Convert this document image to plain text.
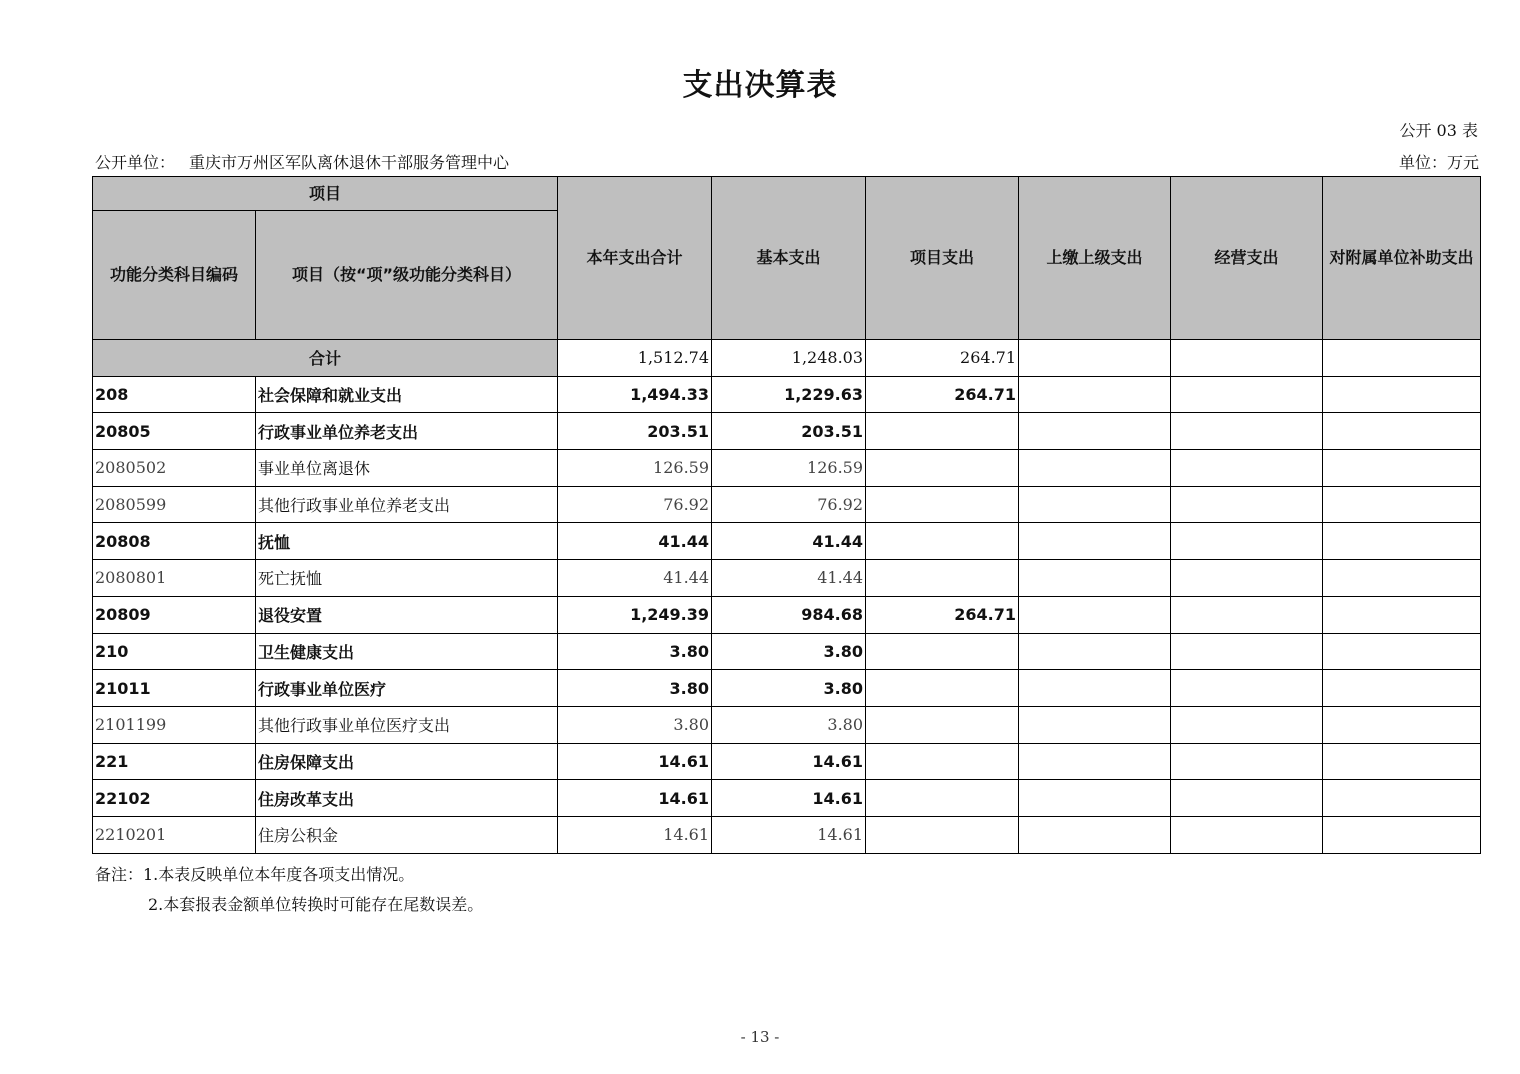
支出决算表
公开 03 表
公开单位： 重庆市万州区军队离休退休干部服务管理中心	单位：万元
项目		本年支出合计	基本支出	项目支出	上缴上级支出	经营支出	对附属单位补助支出
功能分类科目编码	项目（按“项”级功能分类科目）						
合计		1,512.74	1,248.03	264.71			
208	社会保障和就业支出	1,494.33	1,229.63	264.71			
20805	行政事业单位养老支出	203.51	203.51				
2080502	事业单位离退休	126.59	126.59				
2080599	其他行政事业单位养老支出	76.92	76.92				
20808	抚恤	41.44	41.44				
2080801	死亡抚恤	41.44	41.44				
20809	退役安置	1,249.39	984.68	264.71			
210	卫生健康支出	3.80	3.80				
21011	行政事业单位医疗	3.80	3.80				
2101199	其他行政事业单位医疗支出	3.80	3.80				
221	住房保障支出	14.61	14.61				
22102	住房改革支出	14.61	14.61				
2210201	住房公积金	14.61	14.61				
备注：1.本表反映单位本年度各项支出情况。
2.本套报表金额单位转换时可能存在尾数误差。
- 13 -
